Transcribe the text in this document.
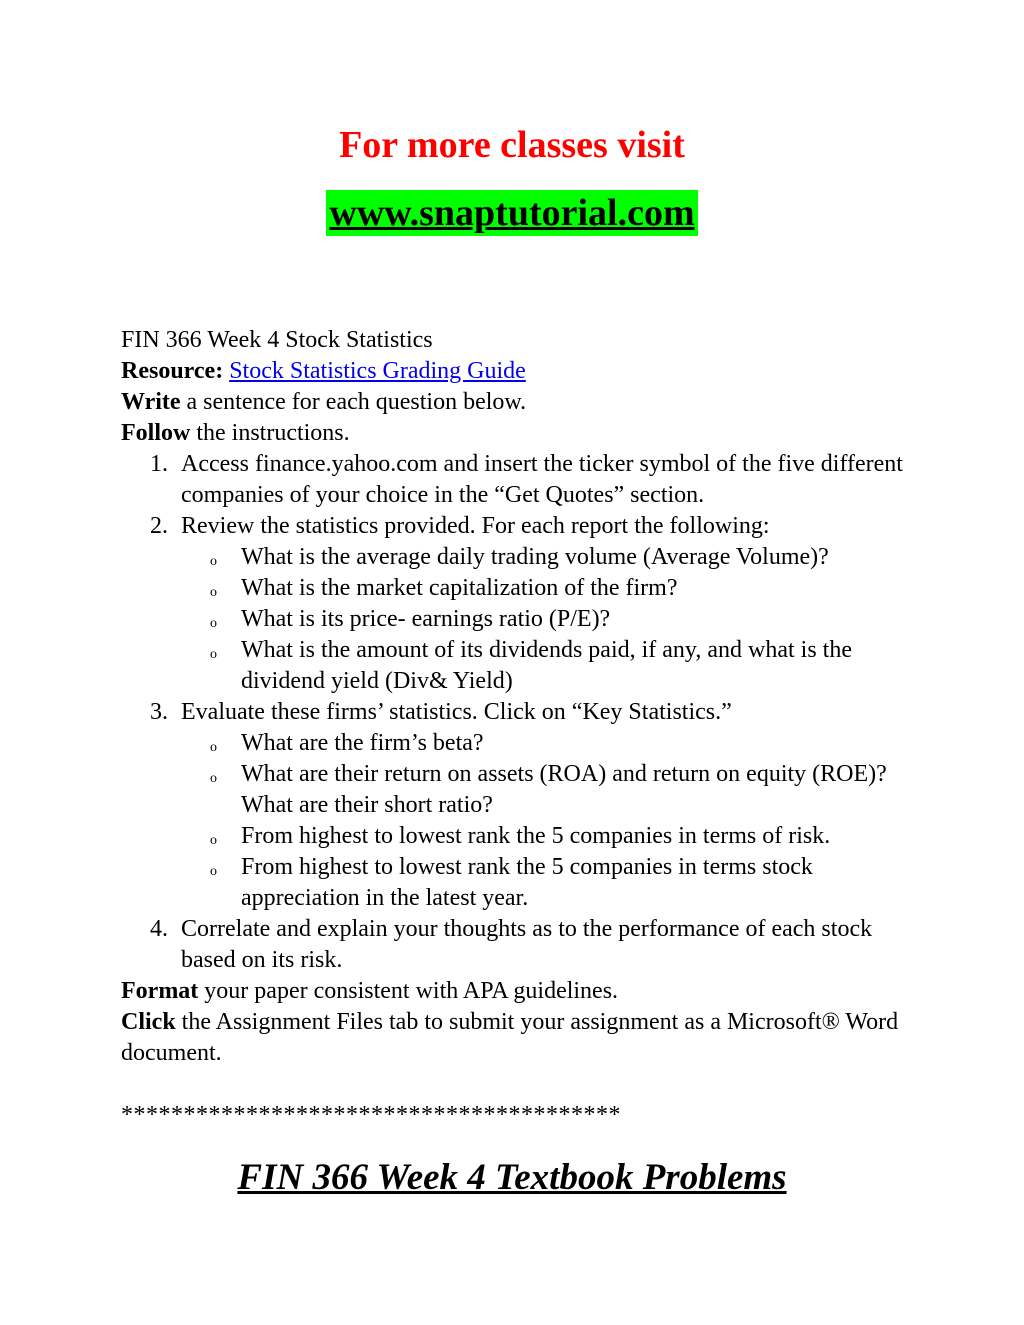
For more classes visit
www.snaptutorial.com

FIN 366 Week 4 Stock Statistics

Resource: Stock Statistics Grading Guide

Write a sentence for each question below.

Follow the instructions.

1. Access finance.yahoo.com and insert the ticker symbol of the five different companies of your choice in the “Get Quotes” section.
2. Review the statistics provided. For each report the following:
o What is the average daily trading volume (Average Volume)?
o What is the market capitalization of the firm?
o What is its price- earnings ratio (P/E)?
o What is the amount of its dividends paid, if any, and what is the dividend yield (Div& Yield)
3. Evaluate these firms’ statistics. Click on “Key Statistics.”
o What are the firm’s beta?
o What are their return on assets (ROA) and return on equity (ROE)? What are their short ratio?
o From highest to lowest rank the 5 companies in terms of risk.
o From highest to lowest rank the 5 companies in terms stock appreciation in the latest year.
4. Correlate and explain your thoughts as to the performance of each stock based on its risk.

Format your paper consistent with APA guidelines.

Click the Assignment Files tab to submit your assignment as a Microsoft® Word document.

****************************************

FIN 366 Week 4 Textbook Problems
